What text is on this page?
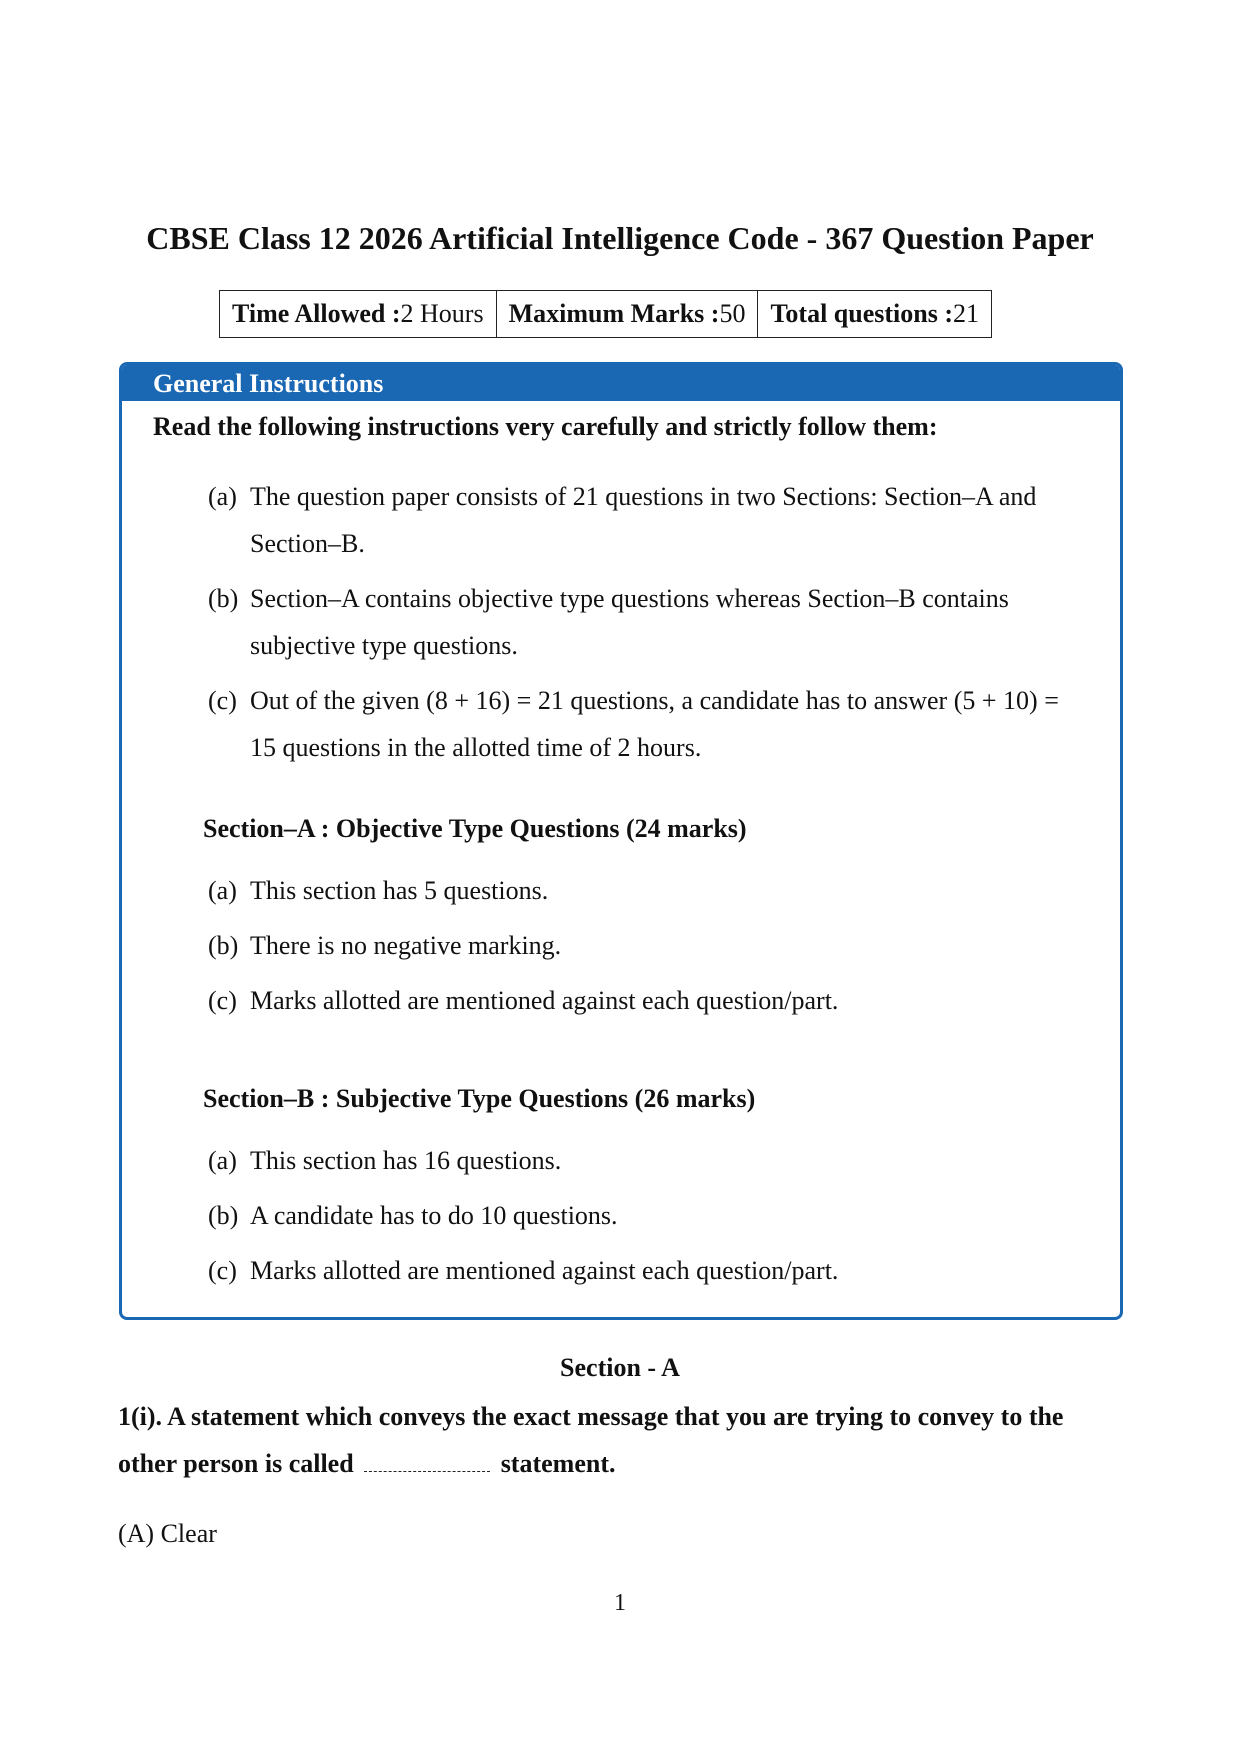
CBSE Class 12 2026 Artificial Intelligence Code - 367 Question Paper
Time Allowed :2 Hours	Maximum Marks :50	Total questions :21
General Instructions
Read the following instructions very carefully and strictly follow them:
(a) The question paper consists of 21 questions in two Sections: Section–A and Section–B.
(b) Section–A contains objective type questions whereas Section–B contains subjective type questions.
(c) Out of the given (8 + 16) = 21 questions, a candidate has to answer (5 + 10) = 15 questions in the allotted time of 2 hours.
Section–A : Objective Type Questions (24 marks)
(a) This section has 5 questions.
(b) There is no negative marking.
(c) Marks allotted are mentioned against each question/part.
Section–B : Subjective Type Questions (26 marks)
(a) This section has 16 questions.
(b) A candidate has to do 10 questions.
(c) Marks allotted are mentioned against each question/part.
Section - A
1(i). A statement which conveys the exact message that you are trying to convey to the other person is called	statement.
(A) Clear
1
